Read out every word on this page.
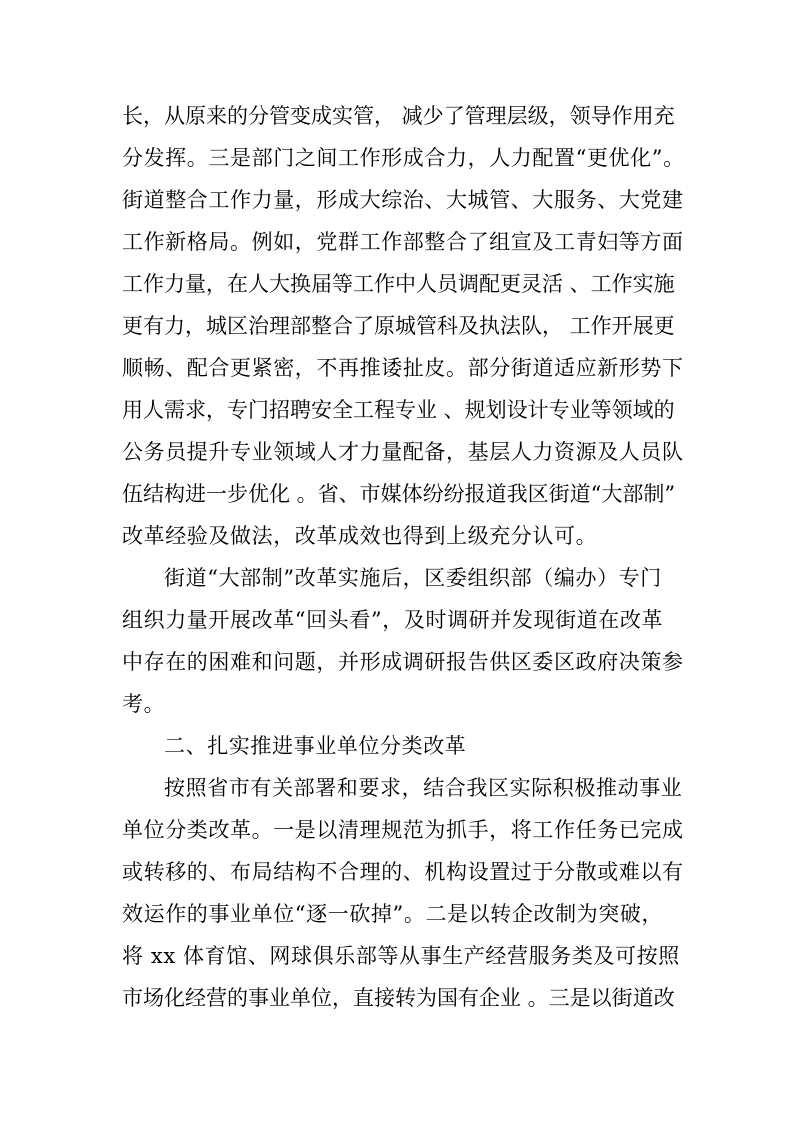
长，从原来的分管变成实管， 减少了管理层级，领导作用充
分发挥。三是部门之间工作形成合力，人力配置“更优化”。
街道整合工作力量，形成大综治、大城管、大服务、大党建
工作新格局。例如，党群工作部整合了组宣及工青妇等方面
工作力量，在人大换届等工作中人员调配更灵活 、工作实施
更有力，城区治理部整合了原城管科及执法队， 工作开展更
顺畅、配合更紧密，不再推诿扯皮。部分街道适应新形势下
用人需求，专门招聘安全工程专业 、规划设计专业等领域的
公务员提升专业领域人才力量配备，基层人力资源及人员队
伍结构进一步优化 。省、市媒体纷纷报道我区街道“大部制”
改革经验及做法，改革成效也得到上级充分认可。
街道“大部制”改革实施后，区委组织部（编办）专门
组织力量开展改革“回头看”，及时调研并发现街道在改革
中存在的困难和问题，并形成调研报告供区委区政府决策参
考。
二、扎实推进事业单位分类改革
按照省市有关部署和要求，结合我区实际积极推动事业
单位分类改革。一是以清理规范为抓手，将工作任务已完成
或转移的、布局结构不合理的、机构设置过于分散或难以有
效运作的事业单位“逐一砍掉”。二是以转企改制为突破，
将 xx 体育馆、网球俱乐部等从事生产经营服务类及可按照
市场化经营的事业单位，直接转为国有企业 。三是以街道改
